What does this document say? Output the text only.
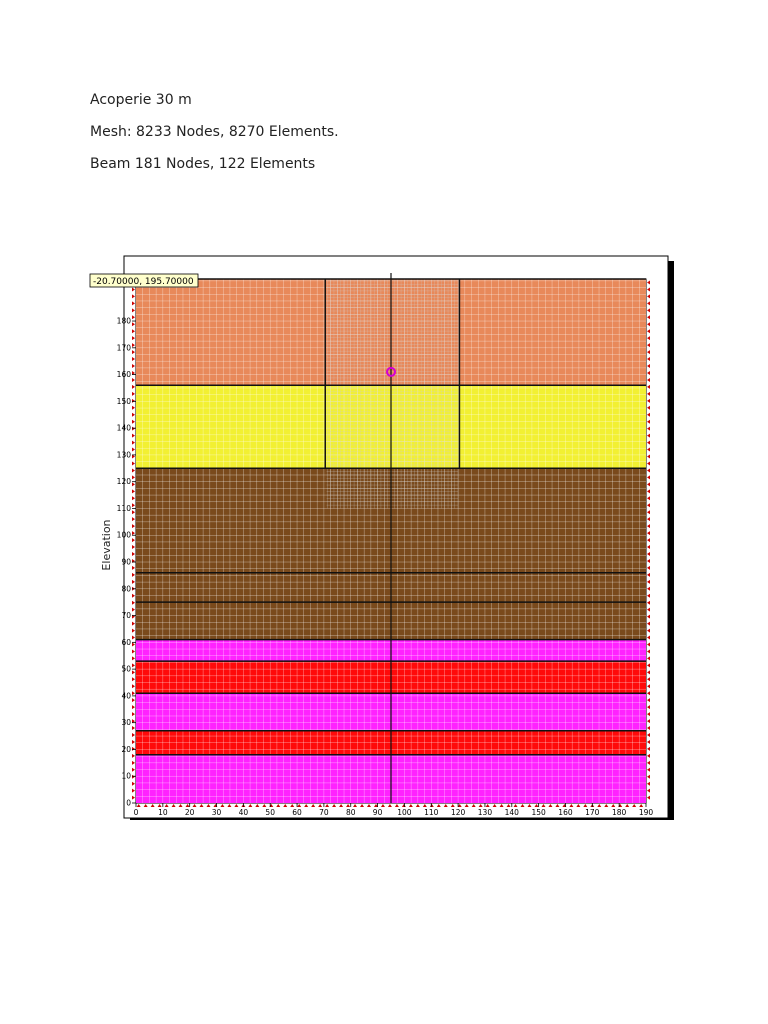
Acoperie 30 m
Mesh: 8233 Nodes, 8270 Elements.
Beam 181 Nodes, 122 Elements
0	10 20 30 40 50 60 70 80 90 100 110 120 130 140 150 160 170 180 190
0
10
20
30
40
50
60
70
80
90
100
110
120
130
140
150
160
170
180
Elevation
-20.70000, 195.70000
